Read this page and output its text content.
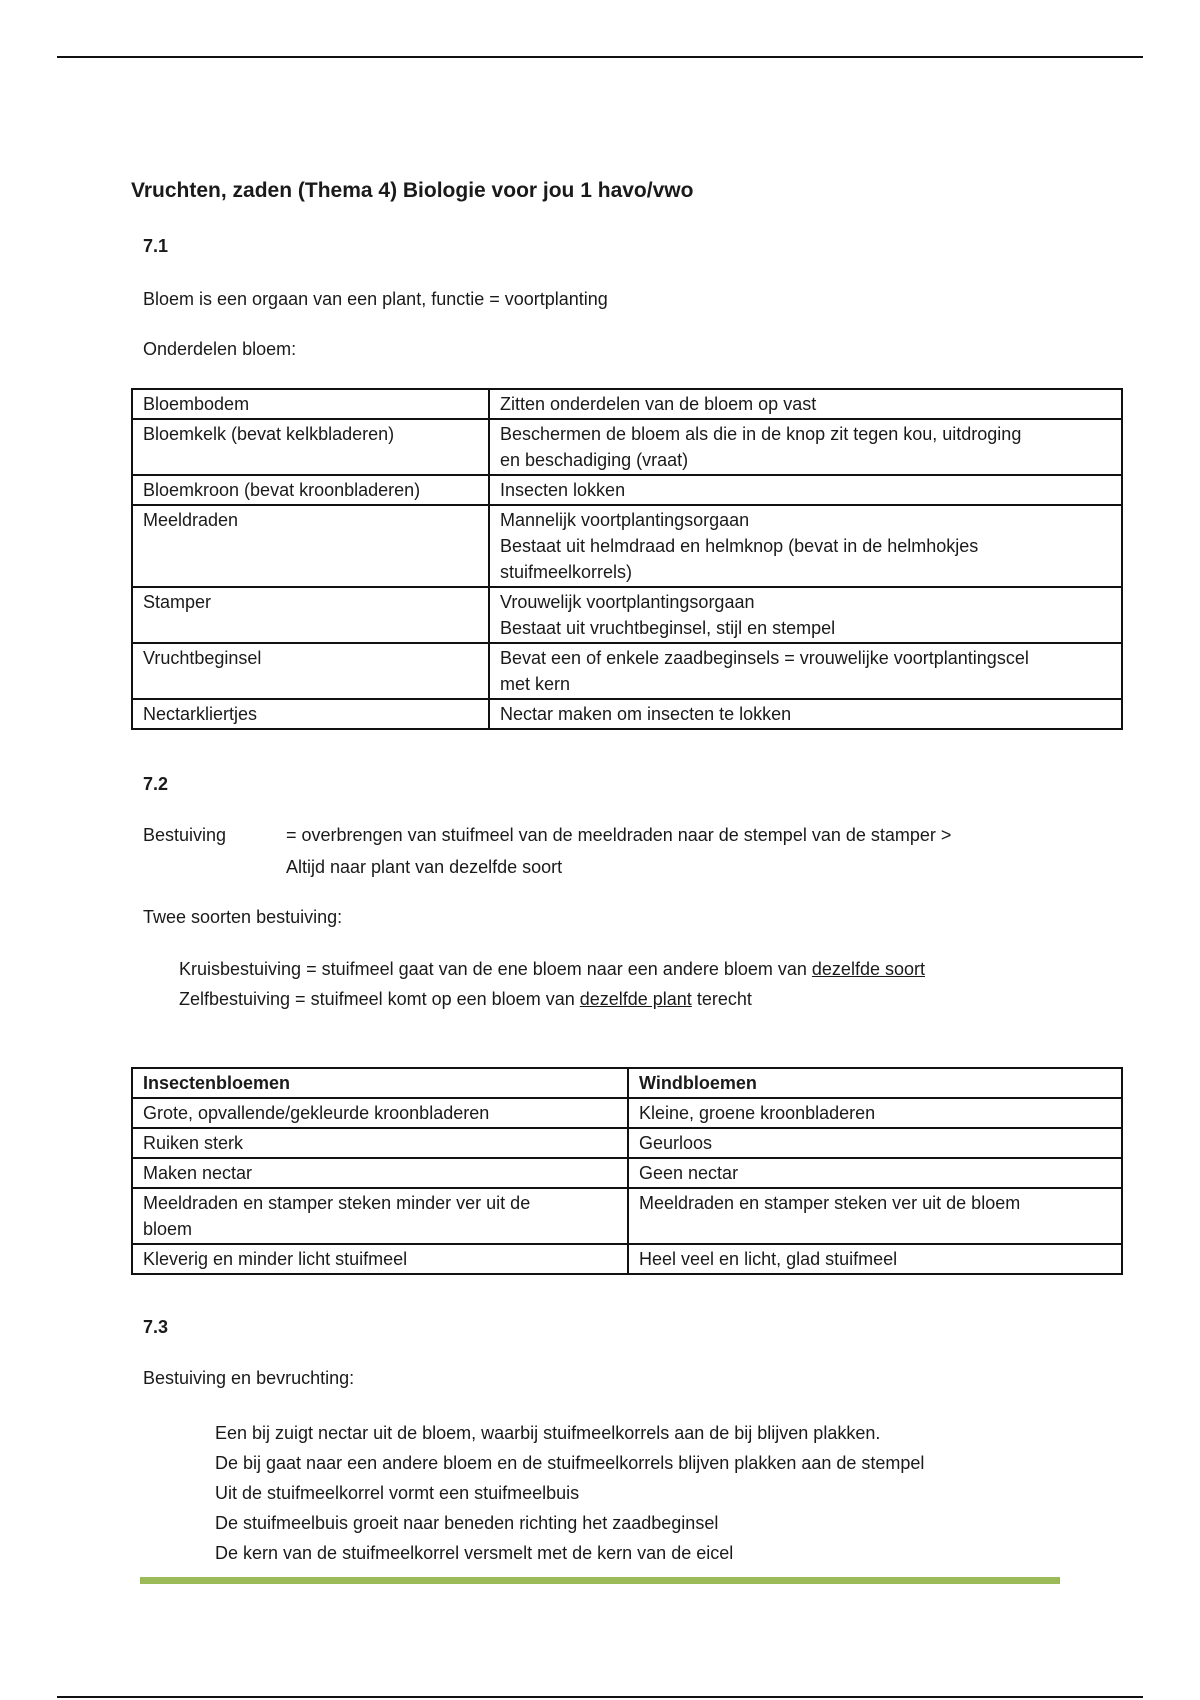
Vruchten, zaden (Thema 4) Biologie voor jou 1 havo/vwo
7.1
Bloem is een orgaan van een plant, functie = voortplanting
Onderdelen bloem:
Bloembodem	Zitten onderdelen van de bloem op vast

Bloemkelk (bevat kelkbladeren)	Beschermen de bloem als die in de knop zit tegen kou, uitdroging
en beschadiging (vraat)

Bloemkroon (bevat kroonbladeren)	Insecten lokken

Meeldraden	Mannelijk voortplantingsorgaan
Bestaat uit helmdraad en helmknop (bevat in de helmhokjes
stuifmeelkorrels)

Stamper	Vrouwelijk voortplantingsorgaan
Bestaat uit vruchtbeginsel, stijl en stempel

Vruchtbeginsel	Bevat een of enkele zaadbeginsels = vrouwelijke voortplantingscel
met kern

Nectarkliertjes	Nectar maken om insecten te lokken
7.2
Bestuiving	= overbrengen van stuifmeel van de meeldraden naar de stempel van de stamper >
Altijd naar plant van dezelfde soort
Twee soorten bestuiving:
Kruisbestuiving = stuifmeel gaat van de ene bloem naar een andere bloem van dezelfde soort
Zelfbestuiving = stuifmeel komt op een bloem van dezelfde plant terecht
Insectenbloemen	Windbloemen

Grote, opvallende/gekleurde kroonbladeren	Kleine, groene kroonbladeren

Ruiken sterk	Geurloos

Maken nectar	Geen nectar

Meeldraden en stamper steken minder ver uit de
bloem	Meeldraden en stamper steken ver uit de bloem

Kleverig en minder licht stuifmeel	Heel veel en licht, glad stuifmeel
7.3
Bestuiving en bevruchting:
Een bij zuigt nectar uit de bloem, waarbij stuifmeelkorrels aan de bij blijven plakken.
De bij gaat naar een andere bloem en de stuifmeelkorrels blijven plakken aan de stempel
Uit de stuifmeelkorrel vormt een stuifmeelbuis
De stuifmeelbuis groeit naar beneden richting het zaadbeginsel
De kern van de stuifmeelkorrel versmelt met de kern van de eicel
